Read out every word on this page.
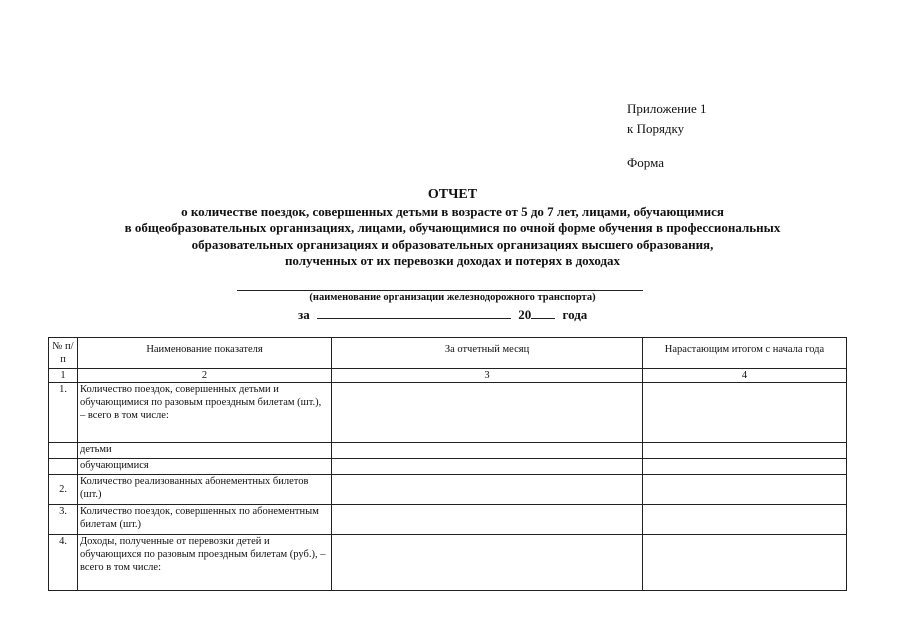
Приложение 1
к Порядку
Форма
ОТЧЕТ
о количестве поездок, совершенных детьми в возрасте от 5 до 7 лет, лицами, обучающимися
в общеобразовательных организациях, лицами, обучающимися по очной форме обучения в профессиональных
образовательных организациях и образовательных организациях высшего образования,
полученных от их перевозки доходах и потерях в доходах
(наименование организации железнодорожного транспорта)
за	20 года
№ п/п	Наименование показателя	За отчетный месяц	Нарастающим итогом с начала года
1	2	3	4
1.	Количество поездок, совершенных детьми и обучающимися по разовым проездным билетам (шт.), – всего в том числе:		
	детьми		
	обучающимися		
2.	Количество реализованных абонементных билетов (шт.)		
3.	Количество поездок, совершенных по абонементным билетам (шт.)		
4.	Доходы, полученные от перевозки детей и обучающихся по разовым проездным билетам (руб.), – всего в том числе:		
